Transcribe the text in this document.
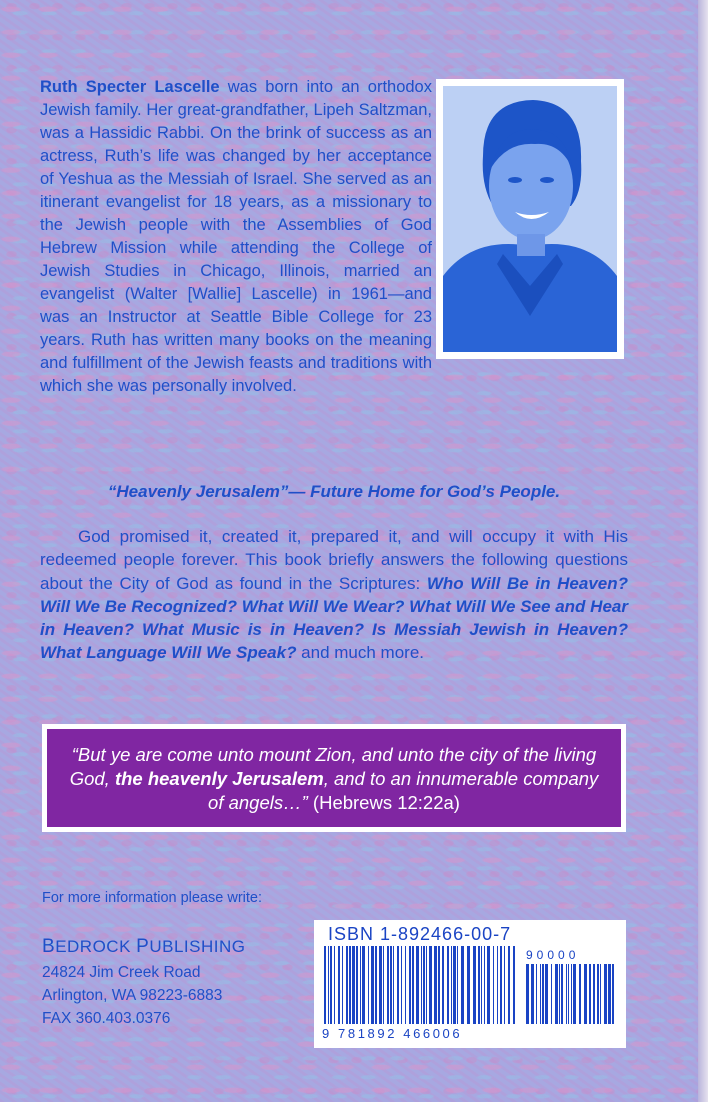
Ruth Specter Lascelle was born into an orthodox Jewish family. Her great-grandfather, Lipeh Saltzman, was a Hassidic Rabbi. On the brink of success as an actress, Ruth’s life was changed by her acceptance of Yeshua as the Messiah of Israel. She served as an itinerant evangelist for 18 years, as a missionary to the Jewish people with the Assemblies of God Hebrew Mission while attending the College of Jewish Studies in Chicago, Illinois, married an evangelist (Walter [Wallie] Lascelle) in 1961—and was an Instructor at Seattle Bible College for 23 years. Ruth has written many books on the meaning and fulfillment of the Jewish feasts and traditions with which she was personally involved.

“Heavenly Jerusalem”— Future Home for God’s People.

God promised it, created it, prepared it, and will occupy it with His redeemed people forever. This book briefly answers the following questions about the City of God as found in the Scriptures: Who Will Be in Heaven? Will We Be Recognized? What Will We Wear? What Will We See and Hear in Heaven? What Music is in Heaven? Is Messiah Jewish in Heaven? What Language Will We Speak? and much more.

“But ye are come unto mount Zion, and unto the city of the living God, the heavenly Jerusalem, and to an innumerable company of angels…” (Hebrews 12:22a)
For more information please write:
BEDROCK PUBLISHING
24824 Jim Creek Road
Arlington, WA 98223-6883
FAX 360.403.0376
ISBN 1-892466-00-7
90000
9 781892 466006
